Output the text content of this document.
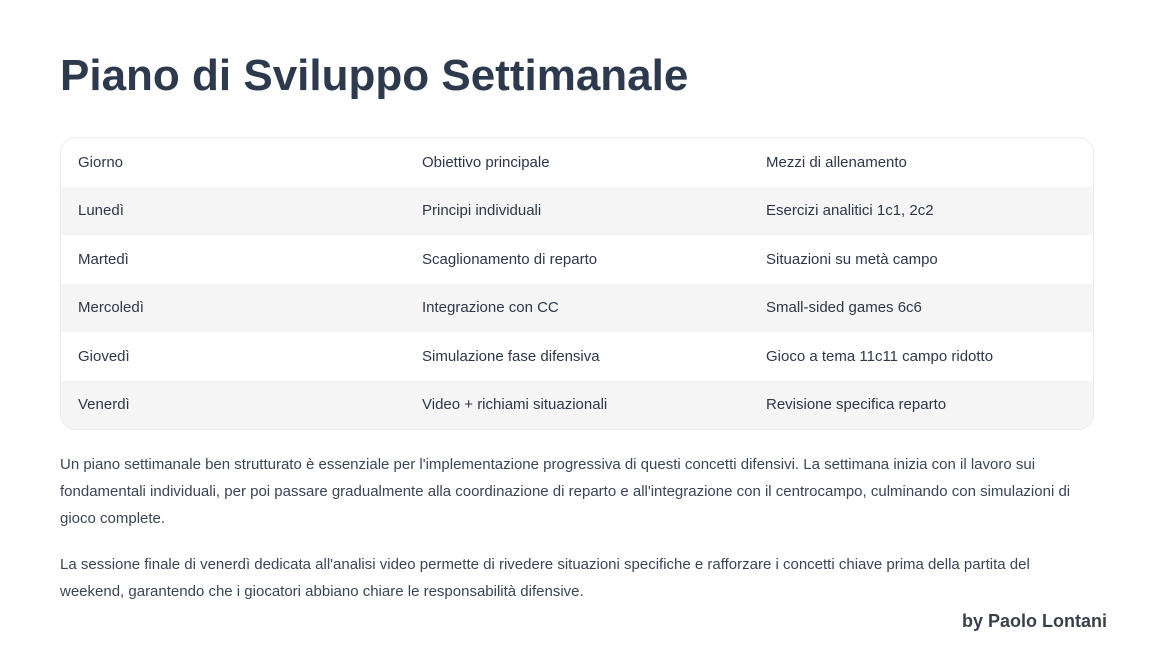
Piano di Sviluppo Settimanale
Giorno	Obiettivo principale	Mezzi di allenamento
Lunedì	Principi individuali	Esercizi analitici 1c1, 2c2
Martedì	Scaglionamento di reparto	Situazioni su metà campo
Mercoledì	Integrazione con CC	Small-sided games 6c6
Giovedì	Simulazione fase difensiva	Gioco a tema 11c11 campo ridotto
Venerdì	Video + richiami situazionali	Revisione specifica reparto

Un piano settimanale ben strutturato è essenziale per l'implementazione progressiva di questi concetti difensivi. La settimana inizia con il lavoro sui fondamentali individuali, per poi passare gradualmente alla coordinazione di reparto e all'integrazione con il centrocampo, culminando con simulazioni di gioco complete.

La sessione finale di venerdì dedicata all'analisi video permette di rivedere situazioni specifiche e rafforzare i concetti chiave prima della partita del weekend, garantendo che i giocatori abbiano chiare le responsabilità difensive.

by Paolo Lontani
